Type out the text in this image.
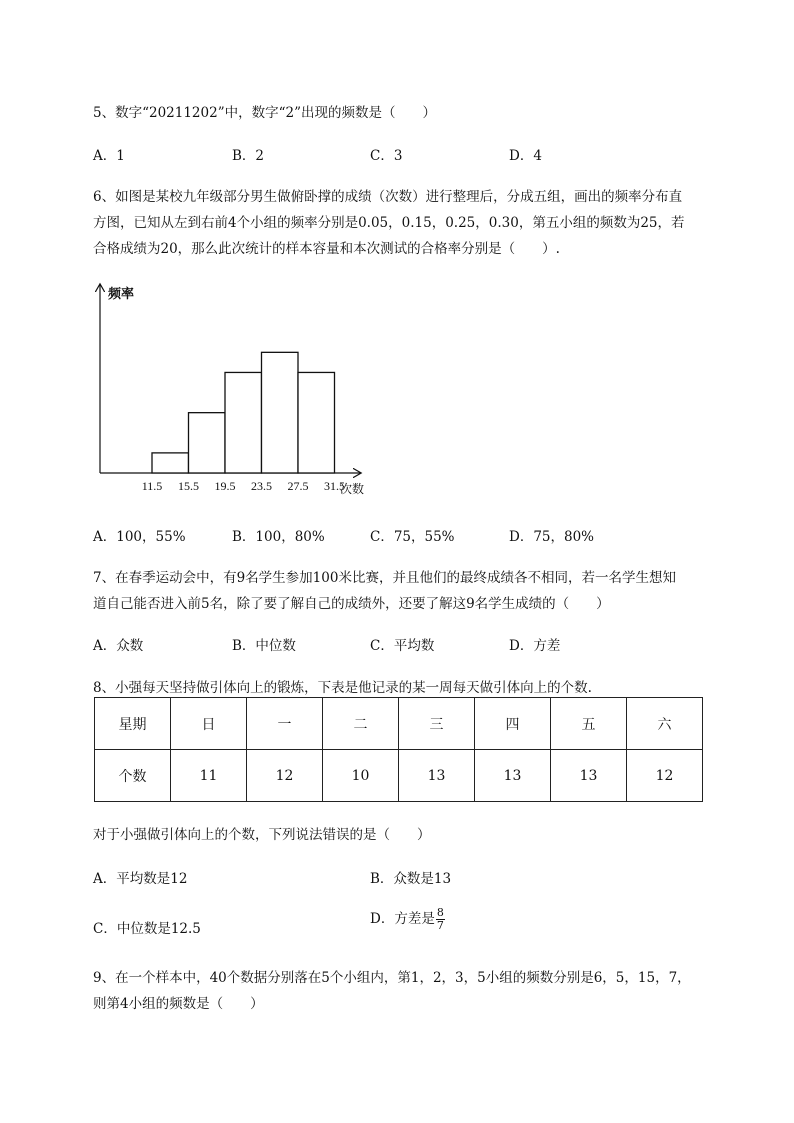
5、数字“20211202”中，数字“2”出现的频数是（　　）
A．1	B．2	C．3	D．4
6、如图是某校九年级部分男生做俯卧撑的成绩（次数）进行整理后，分成五组，画出的频率分布直
方图，已知从左到右前4个小组的频率分别是0.05，0.15，0.25，0.30，第五小组的频数为25，若
合格成绩为20，那么此次统计的样本容量和本次测试的合格率分别是（　　）.
频率
次数
11.5 15.5 19.5 23.5 27.5 31.5
A．100，55%	B．100，80%	C．75，55%	D．75，80%
7、在春季运动会中，有9名学生参加100米比赛，并且他们的最终成绩各不相同，若一名学生想知
道自己能否进入前5名，除了要了解自己的成绩外，还要了解这9名学生成绩的（　　）
A．众数	B．中位数	C．平均数	D．方差
8、小强每天坚持做引体向上的锻炼，下表是他记录的某一周每天做引体向上的个数.
星期	日	一	二	三	四	五	六
个数	11	12	10	13	13	13	12
对于小强做引体向上的个数，下列说法错误的是（　　）
A．平均数是12	B．众数是13
C．中位数是12.5
D．方差是 $\frac{8}{7}$
9、在一个样本中，40个数据分别落在5个小组内，第1，2，3，5小组的频数分别是6，5，15，7，
则第4小组的频数是（　　）
